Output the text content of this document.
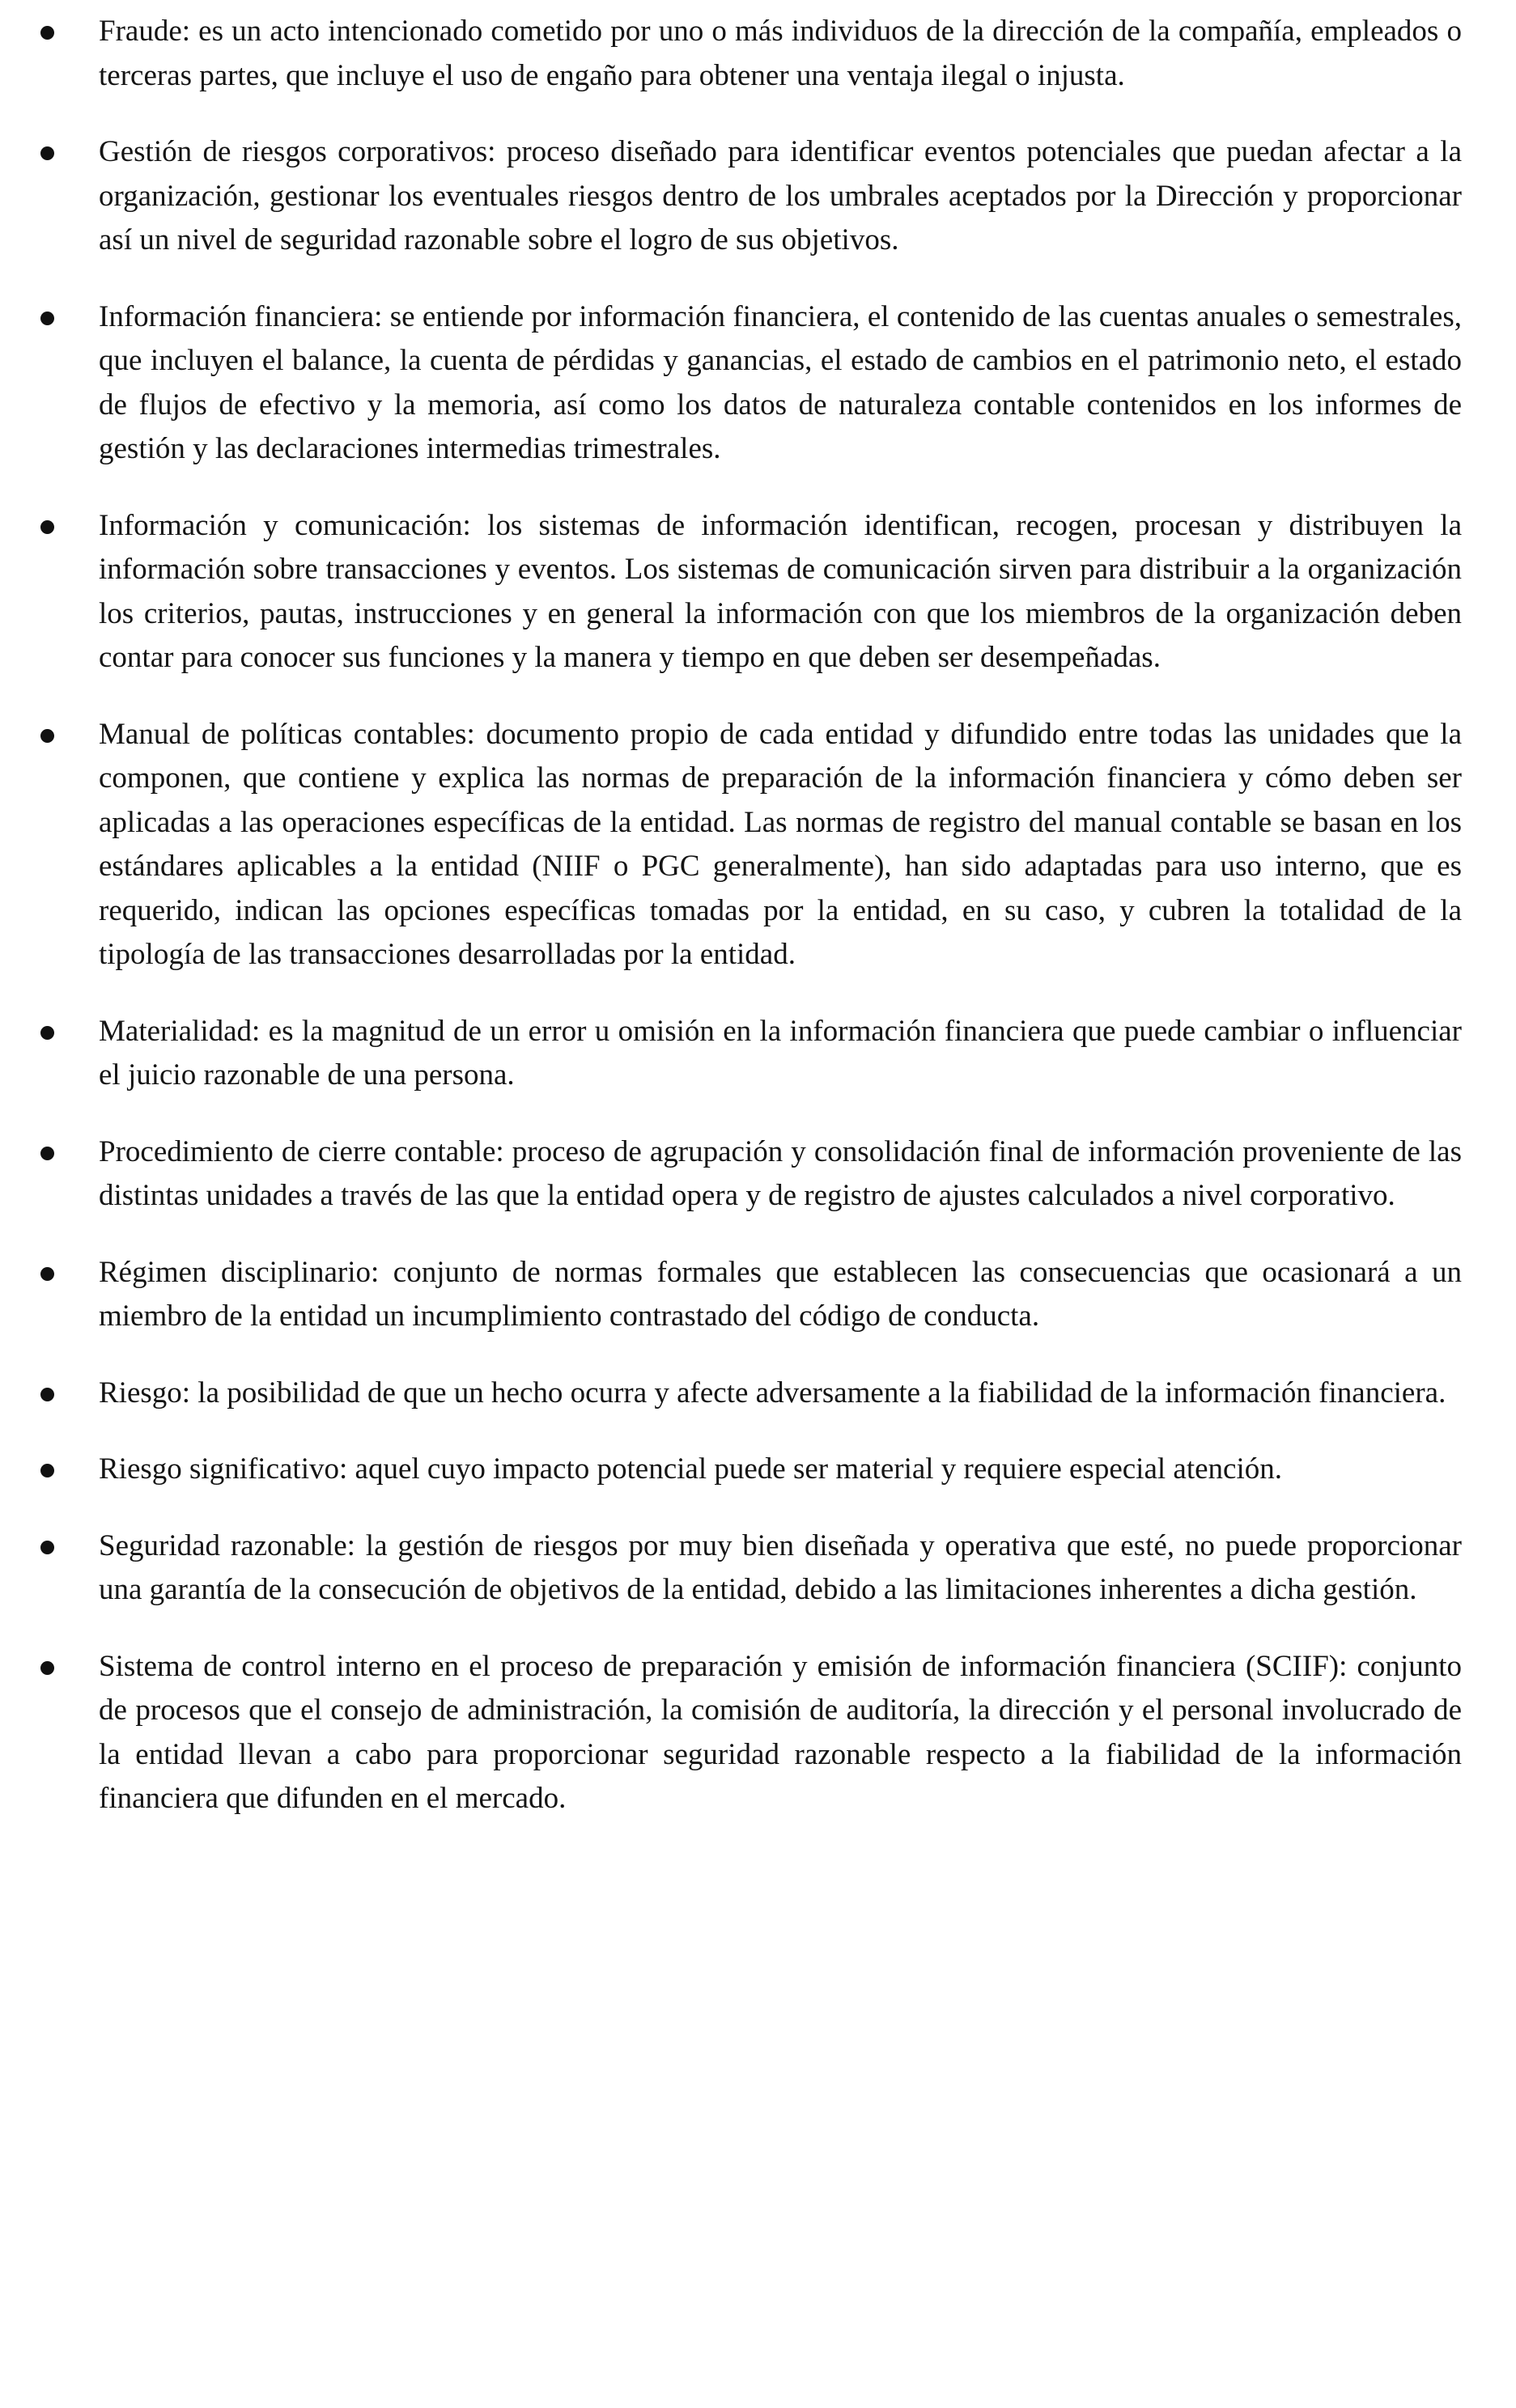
Fraude: es un acto intencionado cometido por uno o más individuos de la dirección de la compañía, empleados o terceras partes, que incluye el uso de engaño para obtener una ventaja ilegal o injusta.

Gestión de riesgos corporativos: proceso diseñado para identificar eventos potenciales que puedan afectar a la organización, gestionar los eventuales riesgos dentro de los umbrales aceptados por la Dirección y proporcionar así un nivel de seguridad razonable sobre el logro de sus objetivos.

Información financiera: se entiende por información financiera, el contenido de las cuentas anuales o semestrales, que incluyen el balance, la cuenta de pérdidas y ganancias, el estado de cambios en el patrimonio neto, el estado de flujos de efectivo y la memoria, así como los datos de naturaleza contable contenidos en los informes de gestión y las declaraciones intermedias trimestrales.

Información y comunicación: los sistemas de información identifican, recogen, procesan y distribuyen la información sobre transacciones y eventos. Los sistemas de comunicación sirven para distribuir a la organización los criterios, pautas, instrucciones y en general la información con que los miembros de la organización deben contar para conocer sus funciones y la manera y tiempo en que deben ser desempeñadas.

Manual de políticas contables: documento propio de cada entidad y difundido entre todas las unidades que la componen, que contiene y explica las normas de preparación de la información financiera y cómo deben ser aplicadas a las operaciones específicas de la entidad. Las normas de registro del manual contable se basan en los estándares aplicables a la entidad (NIIF o PGC generalmente), han sido adaptadas para uso interno, que es requerido, indican las opciones específicas tomadas por la entidad, en su caso, y cubren la totalidad de la tipología de las transacciones desarrolladas por la entidad.

Materialidad: es la magnitud de un error u omisión en la información financiera que puede cambiar o influenciar el juicio razonable de una persona.

Procedimiento de cierre contable: proceso de agrupación y consolidación final de información proveniente de las distintas unidades a través de las que la entidad opera y de registro de ajustes calculados a nivel corporativo.

Régimen disciplinario: conjunto de normas formales que establecen las consecuencias que ocasionará a un miembro de la entidad un incumplimiento contrastado del código de conducta.

Riesgo: la posibilidad de que un hecho ocurra y afecte adversamente a la fiabilidad de la información financiera.

Riesgo significativo: aquel cuyo impacto potencial puede ser material y requiere especial atención.

Seguridad razonable: la gestión de riesgos por muy bien diseñada y operativa que esté, no puede proporcionar una garantía de la consecución de objetivos de la entidad, debido a las limitaciones inherentes a dicha gestión.

Sistema de control interno en el proceso de preparación y emisión de información financiera (SCIIF): conjunto de procesos que el consejo de administración, la comisión de auditoría, la dirección y el personal involucrado de la entidad llevan a cabo para proporcionar seguridad razonable respecto a la fiabilidad de la información financiera que difunden en el mercado.
